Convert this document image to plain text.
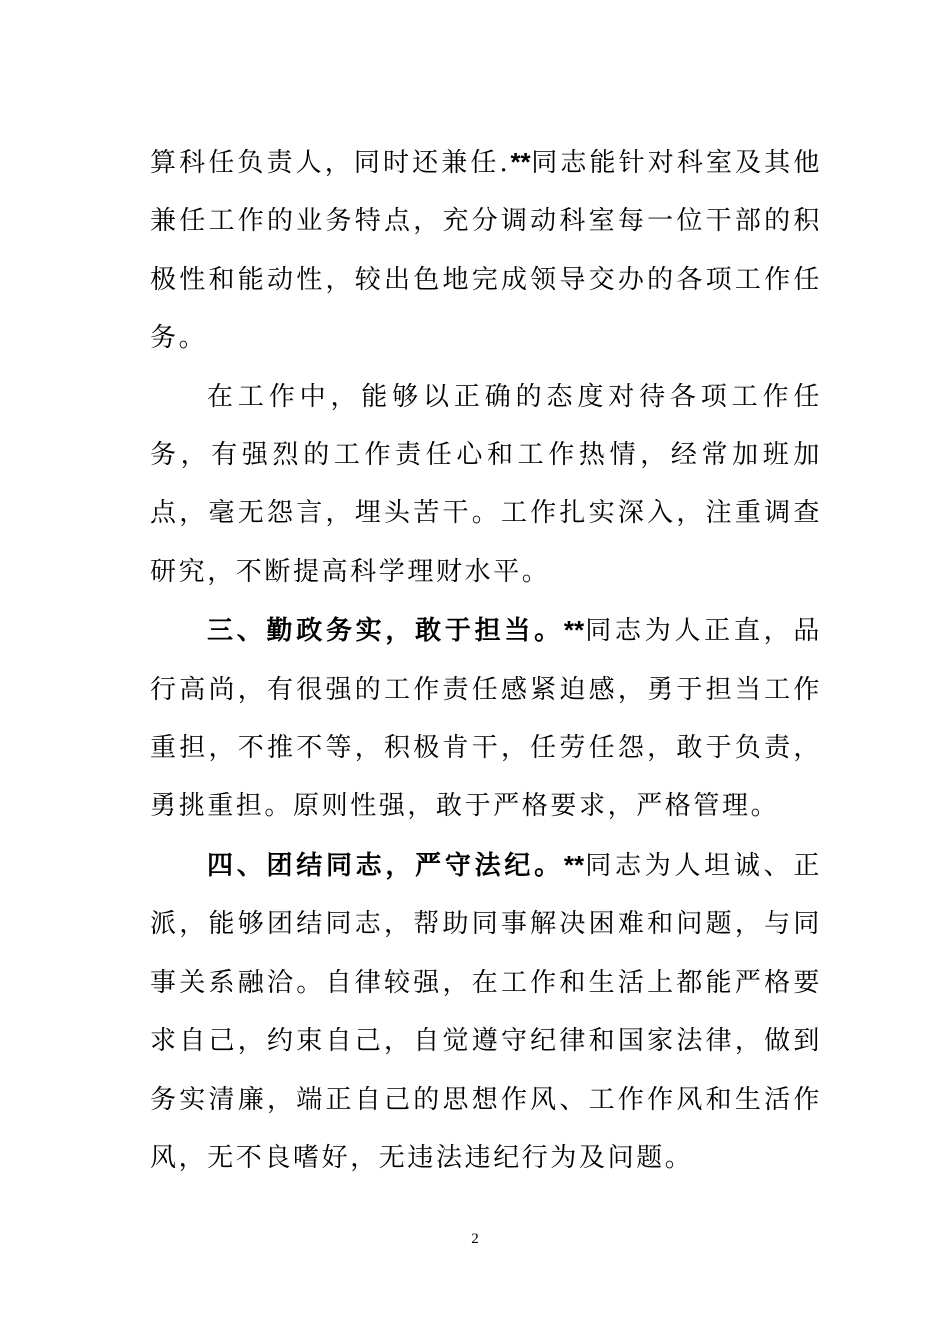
算科任负责人，同时还兼任.**同志能针对科室及其他兼任工作的业务特点，充分调动科室每一位干部的积极性和能动性，较出色地完成领导交办的各项工作任务。

在工作中，能够以正确的态度对待各项工作任务，有强烈的工作责任心和工作热情，经常加班加点，毫无怨言，埋头苦干。工作扎实深入，注重调查研究，不断提高科学理财水平。

三、勤政务实，敢于担当。**同志为人正直，品行高尚，有很强的工作责任感紧迫感，勇于担当工作重担，不推不等，积极肯干，任劳任怨，敢于负责，勇挑重担。原则性强，敢于严格要求，严格管理。

四、团结同志，严守法纪。**同志为人坦诚、正派，能够团结同志，帮助同事解决困难和问题，与同事关系融洽。自律较强，在工作和生活上都能严格要求自己，约束自己，自觉遵守纪律和国家法律，做到务实清廉，端正自己的思想作风、工作作风和生活作风，无不良嗜好，无违法违纪行为及问题。

2
